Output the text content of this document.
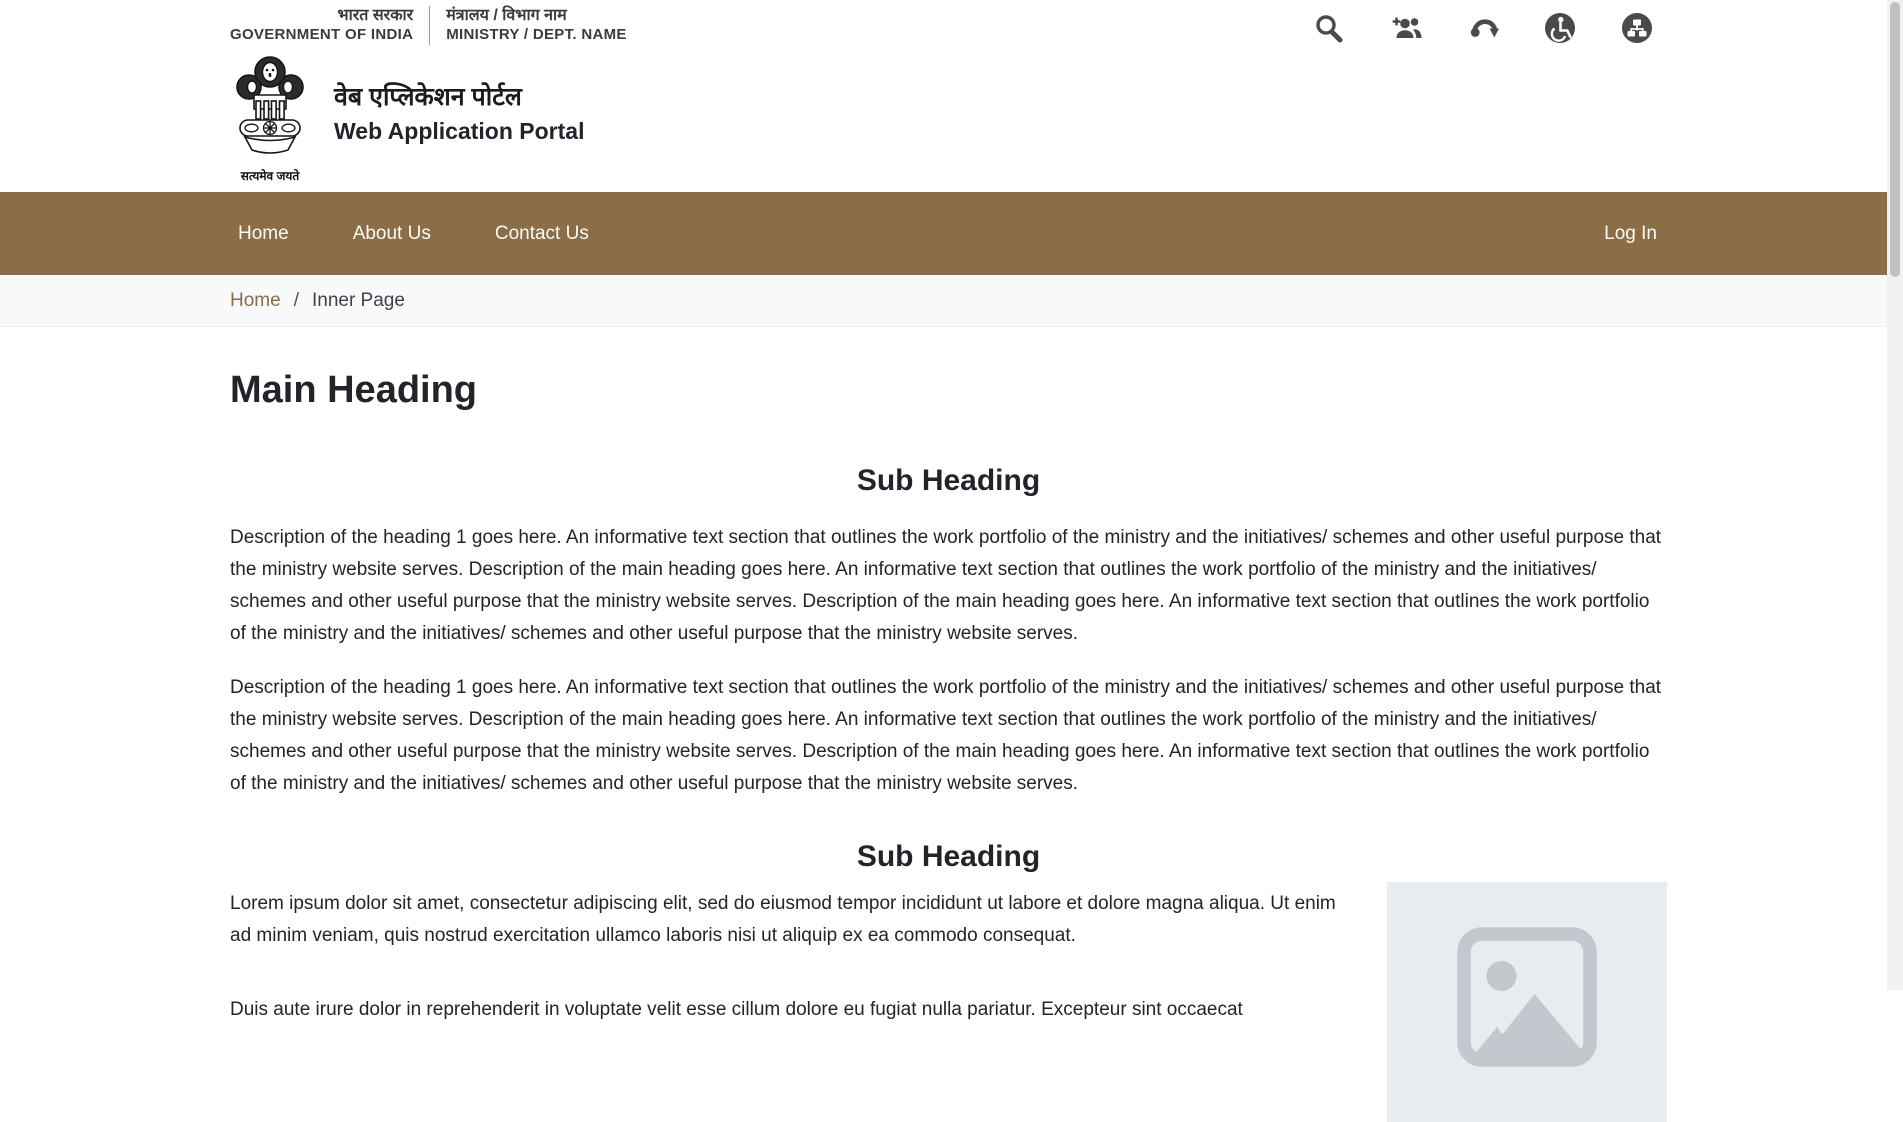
भारत सरकार
GOVERNMENT OF INDIA
मंत्रालय / विभाग नाम
MINISTRY / DEPT. NAME
सत्यमेव जयते
वेब एप्लिकेशन पोर्टल
Web Application Portal
Home	About Us	Contact Us	Log In
Home / Inner Page
Main Heading
Sub Heading

Description of the heading 1 goes here. An informative text section that outlines the work portfolio of the ministry and the initiatives/ schemes and other useful purpose that the ministry website serves. Description of the main heading goes here. An informative text section that outlines the work portfolio of the ministry and the initiatives/ schemes and other useful purpose that the ministry website serves. Description of the main heading goes here. An informative text section that outlines the work portfolio of the ministry and the initiatives/ schemes and other useful purpose that the ministry website serves.

Description of the heading 1 goes here. An informative text section that outlines the work portfolio of the ministry and the initiatives/ schemes and other useful purpose that the ministry website serves. Description of the main heading goes here. An informative text section that outlines the work portfolio of the ministry and the initiatives/ schemes and other useful purpose that the ministry website serves. Description of the main heading goes here. An informative text section that outlines the work portfolio of the ministry and the initiatives/ schemes and other useful purpose that the ministry website serves.

Sub Heading

Lorem ipsum dolor sit amet, consectetur adipiscing elit, sed do eiusmod tempor incididunt ut labore et dolore magna aliqua. Ut enim ad minim veniam, quis nostrud exercitation ullamco laboris nisi ut aliquip ex ea commodo consequat.

Duis aute irure dolor in reprehenderit in voluptate velit esse cillum dolore eu fugiat nulla pariatur. Excepteur sint occaecat
